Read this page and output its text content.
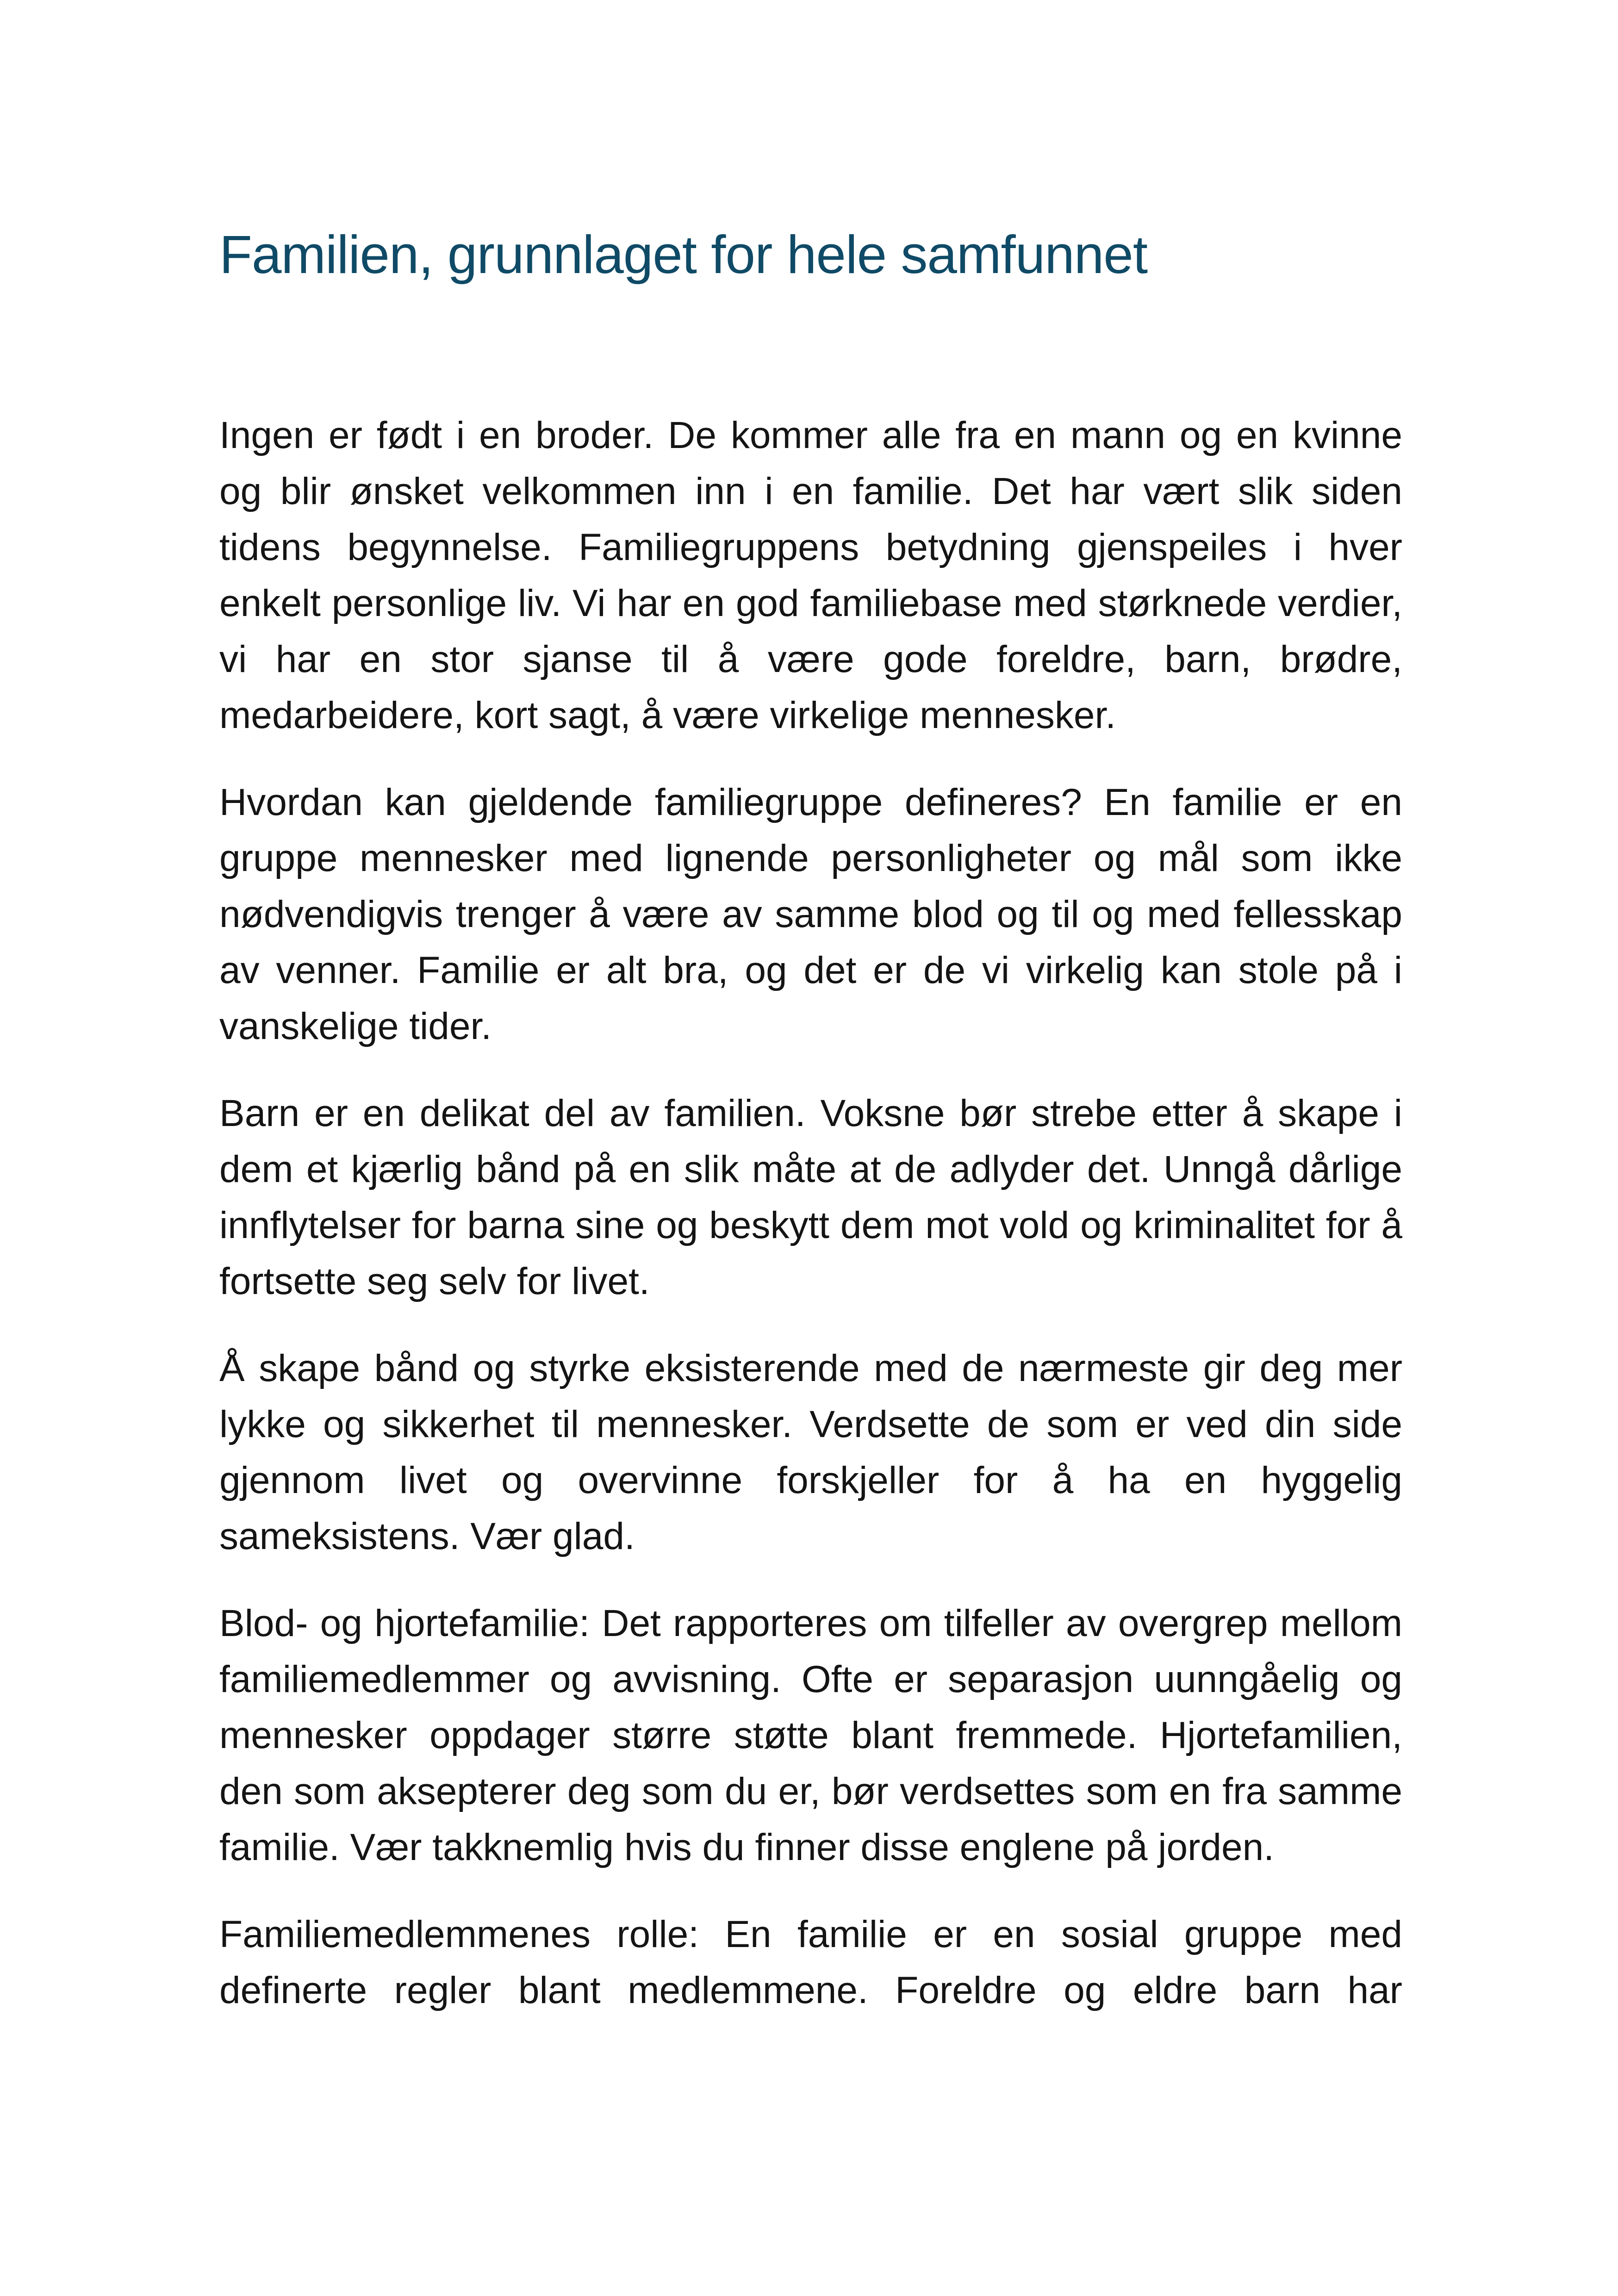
Familien, grunnlaget for hele samfunnet

Ingen er født i en broder. De kommer alle fra en mann og en kvinne og blir ønsket velkommen inn i en familie. Det har vært slik siden tidens begynnelse. Familiegruppens betydning gjenspeiles i hver enkelt personlige liv. Vi har en god familiebase med størknede verdier, vi har en stor sjanse til å være gode foreldre, barn, brødre, medarbeidere, kort sagt, å være virkelige mennesker.

Hvordan kan gjeldende familiegruppe defineres? En familie er en gruppe mennesker med lignende personligheter og mål som ikke nødvendigvis trenger å være av samme blod og til og med fellesskap av venner. Familie er alt bra, og det er de vi virkelig kan stole på i vanskelige tider.

Barn er en delikat del av familien. Voksne bør strebe etter å skape i dem et kjærlig bånd på en slik måte at de adlyder det. Unngå dårlige innflytelser for barna sine og beskytt dem mot vold og kriminalitet for å fortsette seg selv for livet.

Å skape bånd og styrke eksisterende med de nærmeste gir deg mer lykke og sikkerhet til mennesker. Verdsette de som er ved din side gjennom livet og overvinne forskjeller for å ha en hyggelig sameksistens. Vær glad.

Blod- og hjortefamilie: Det rapporteres om tilfeller av overgrep mellom familiemedlemmer og avvisning. Ofte er separasjon uunngåelig og mennesker oppdager større støtte blant fremmede. Hjortefamilien, den som aksepterer deg som du er, bør verdsettes som en fra samme familie. Vær takknemlig hvis du finner disse englene på jorden.

Familiemedlemmenes rolle: En familie er en sosial gruppe med definerte regler blant medlemmene. Foreldre og eldre barn har
